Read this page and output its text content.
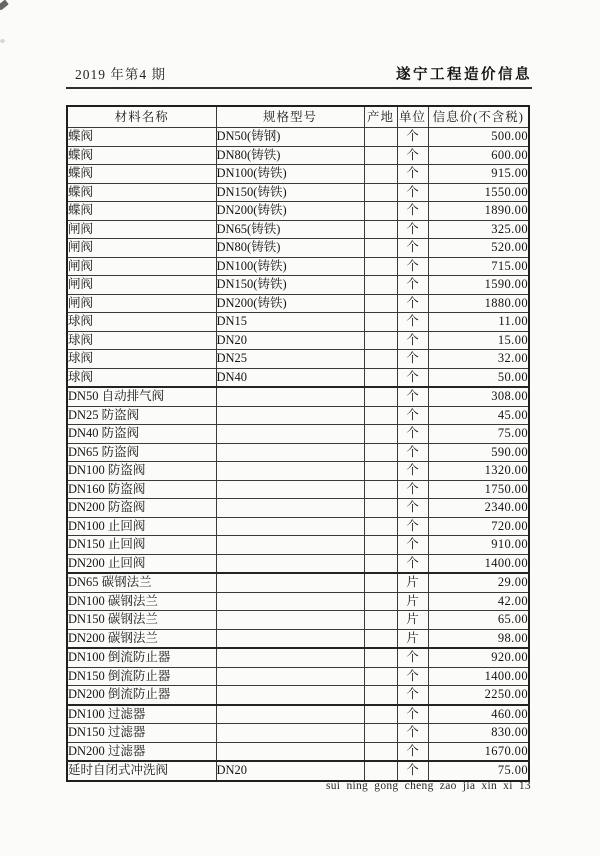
2019 年第4 期	遂宁工程造价信息
材料名称	规格型号	产地	单位	信息价(不含税)
蝶阀	DN50(铸钢)		个	500.00
蝶阀	DN80(铸铁)		个	600.00
蝶阀	DN100(铸铁)		个	915.00
蝶阀	DN150(铸铁)		个	1550.00
蝶阀	DN200(铸铁)		个	1890.00
闸阀	DN65(铸铁)		个	325.00
闸阀	DN80(铸铁)		个	520.00
闸阀	DN100(铸铁)		个	715.00
闸阀	DN150(铸铁)		个	1590.00
闸阀	DN200(铸铁)		个	1880.00
球阀	DN15		个	11.00
球阀	DN20		个	15.00
球阀	DN25		个	32.00
球阀	DN40		个	50.00
DN50 自动排气阀			个	308.00
DN25 防盗阀			个	45.00
DN40 防盗阀			个	75.00
DN65 防盗阀			个	590.00
DN100 防盗阀			个	1320.00
DN160 防盗阀			个	1750.00
DN200 防盗阀			个	2340.00
DN100 止回阀			个	720.00
DN150 止回阀			个	910.00
DN200 止回阀			个	1400.00
DN65 碳钢法兰			片	29.00
DN100 碳钢法兰			片	42.00
DN150 碳钢法兰			片	65.00
DN200 碳钢法兰			片	98.00
DN100 倒流防止器			个	920.00
DN150 倒流防止器			个	1400.00
DN200 倒流防止器			个	2250.00
DN100 过滤器			个	460.00
DN150 过滤器			个	830.00
DN200 过滤器			个	1670.00
延时自闭式冲洗阀	DN20		个	75.00
sui ning gong cheng zao jia xin xi 13
